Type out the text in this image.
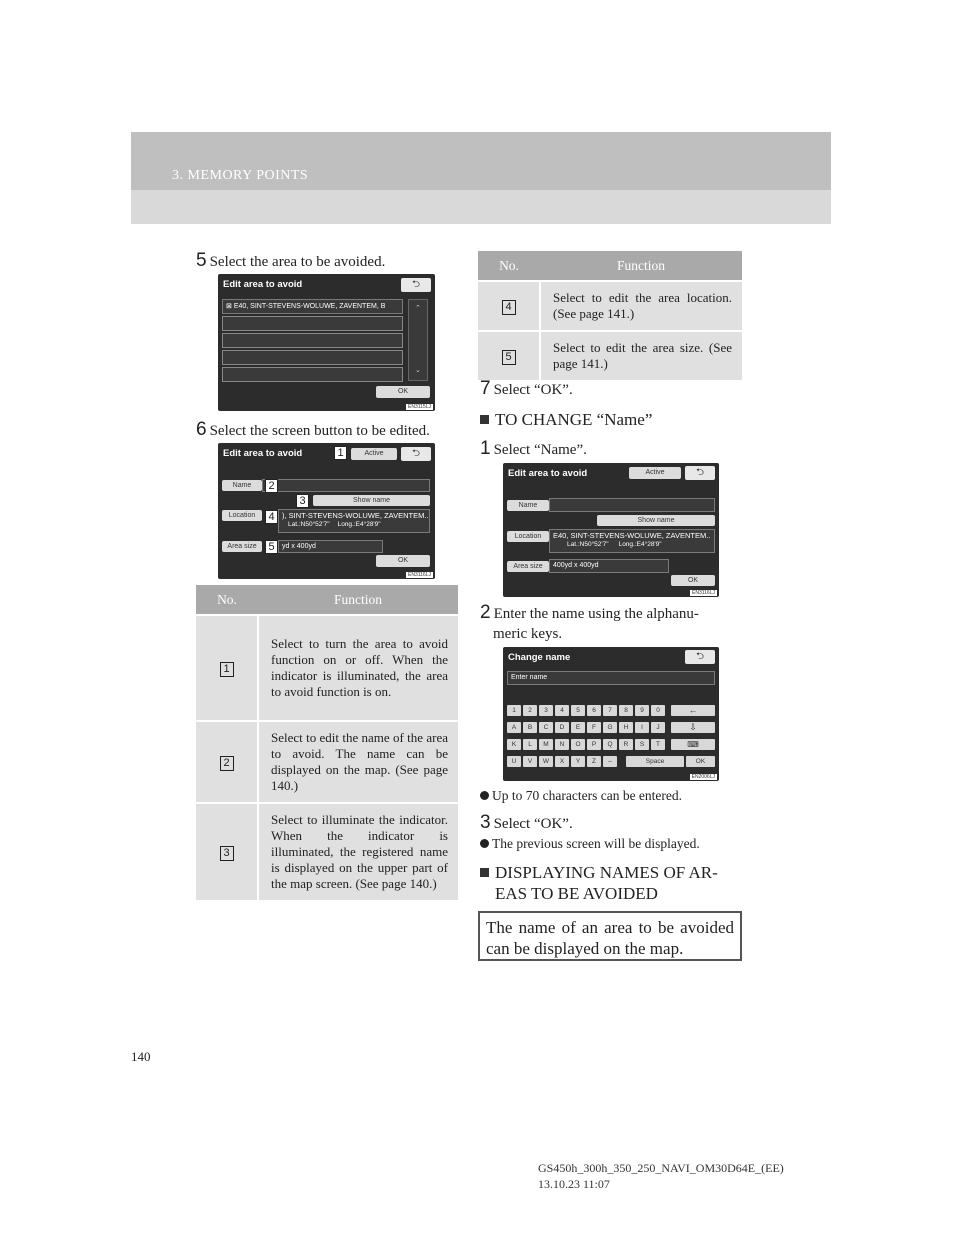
3. MEMORY POINTS
5 Select the area to be avoided.
Edit area to avoid	⮌
⊠ E40, SINT-STEVENS-WOLUWE, ZAVENTEM, B	⌃
⌄
OK
EN3115LJ
6 Select the screen button to be edited.
Edit area to avoid	Active	⮌
Name
Show name
Location	), SINT-STEVENS-WOLUWE, ZAVENTEM..
Lat.:N50°52'7" Long.:E4°28'9"
Area size	yd x 400yd
OK
EN3116LJ
1
2
3
4
5
No.	Function
1	Select to turn the area to avoid function on or off. When the indicator is illuminated, the area to avoid function is on.
2	Select to edit the name of the area to avoid. The name can be displayed on the map. (See page 140.)
3	Select to illuminate the indicator. When the indicator is illuminated, the registered name is displayed on the upper part of the map screen. (See page 140.)
No.	Function
4	Select to edit the area location. (See page 141.)
5	Select to edit the area size. (See page 141.)
7 Select “OK”.
TO CHANGE “Name”
1 Select “Name”.
Edit area to avoid	Active	⮌
Name
Show name
Location	E40, SINT-STEVENS-WOLUWE, ZAVENTEM..
Lat.:N50°52'7" Long.:E4°28'9"
Area size	400yd x 400yd
OK
EN3116LJ
2 Enter the name using the alphanu-
meric keys.
Change name	⮌
Enter name
1	2	3	4	5	6	7	8	9	0
A	B	C	D	E	F	G	H	I	J
K	L	M	N	O	P	Q	R	S	T
U	V	W	X	Y	Z	–
←
⇩
⌨
Space	OK
EN2006LJ
Up to 70 characters can be entered.
3 Select “OK”.
The previous screen will be displayed.
DISPLAYING NAMES OF AR-
EAS TO BE AVOIDED
The name of an area to be avoided can be displayed on the map.
140
GS450h_300h_350_250_NAVI_OM30D64E_(EE)
13.10.23 11:07
